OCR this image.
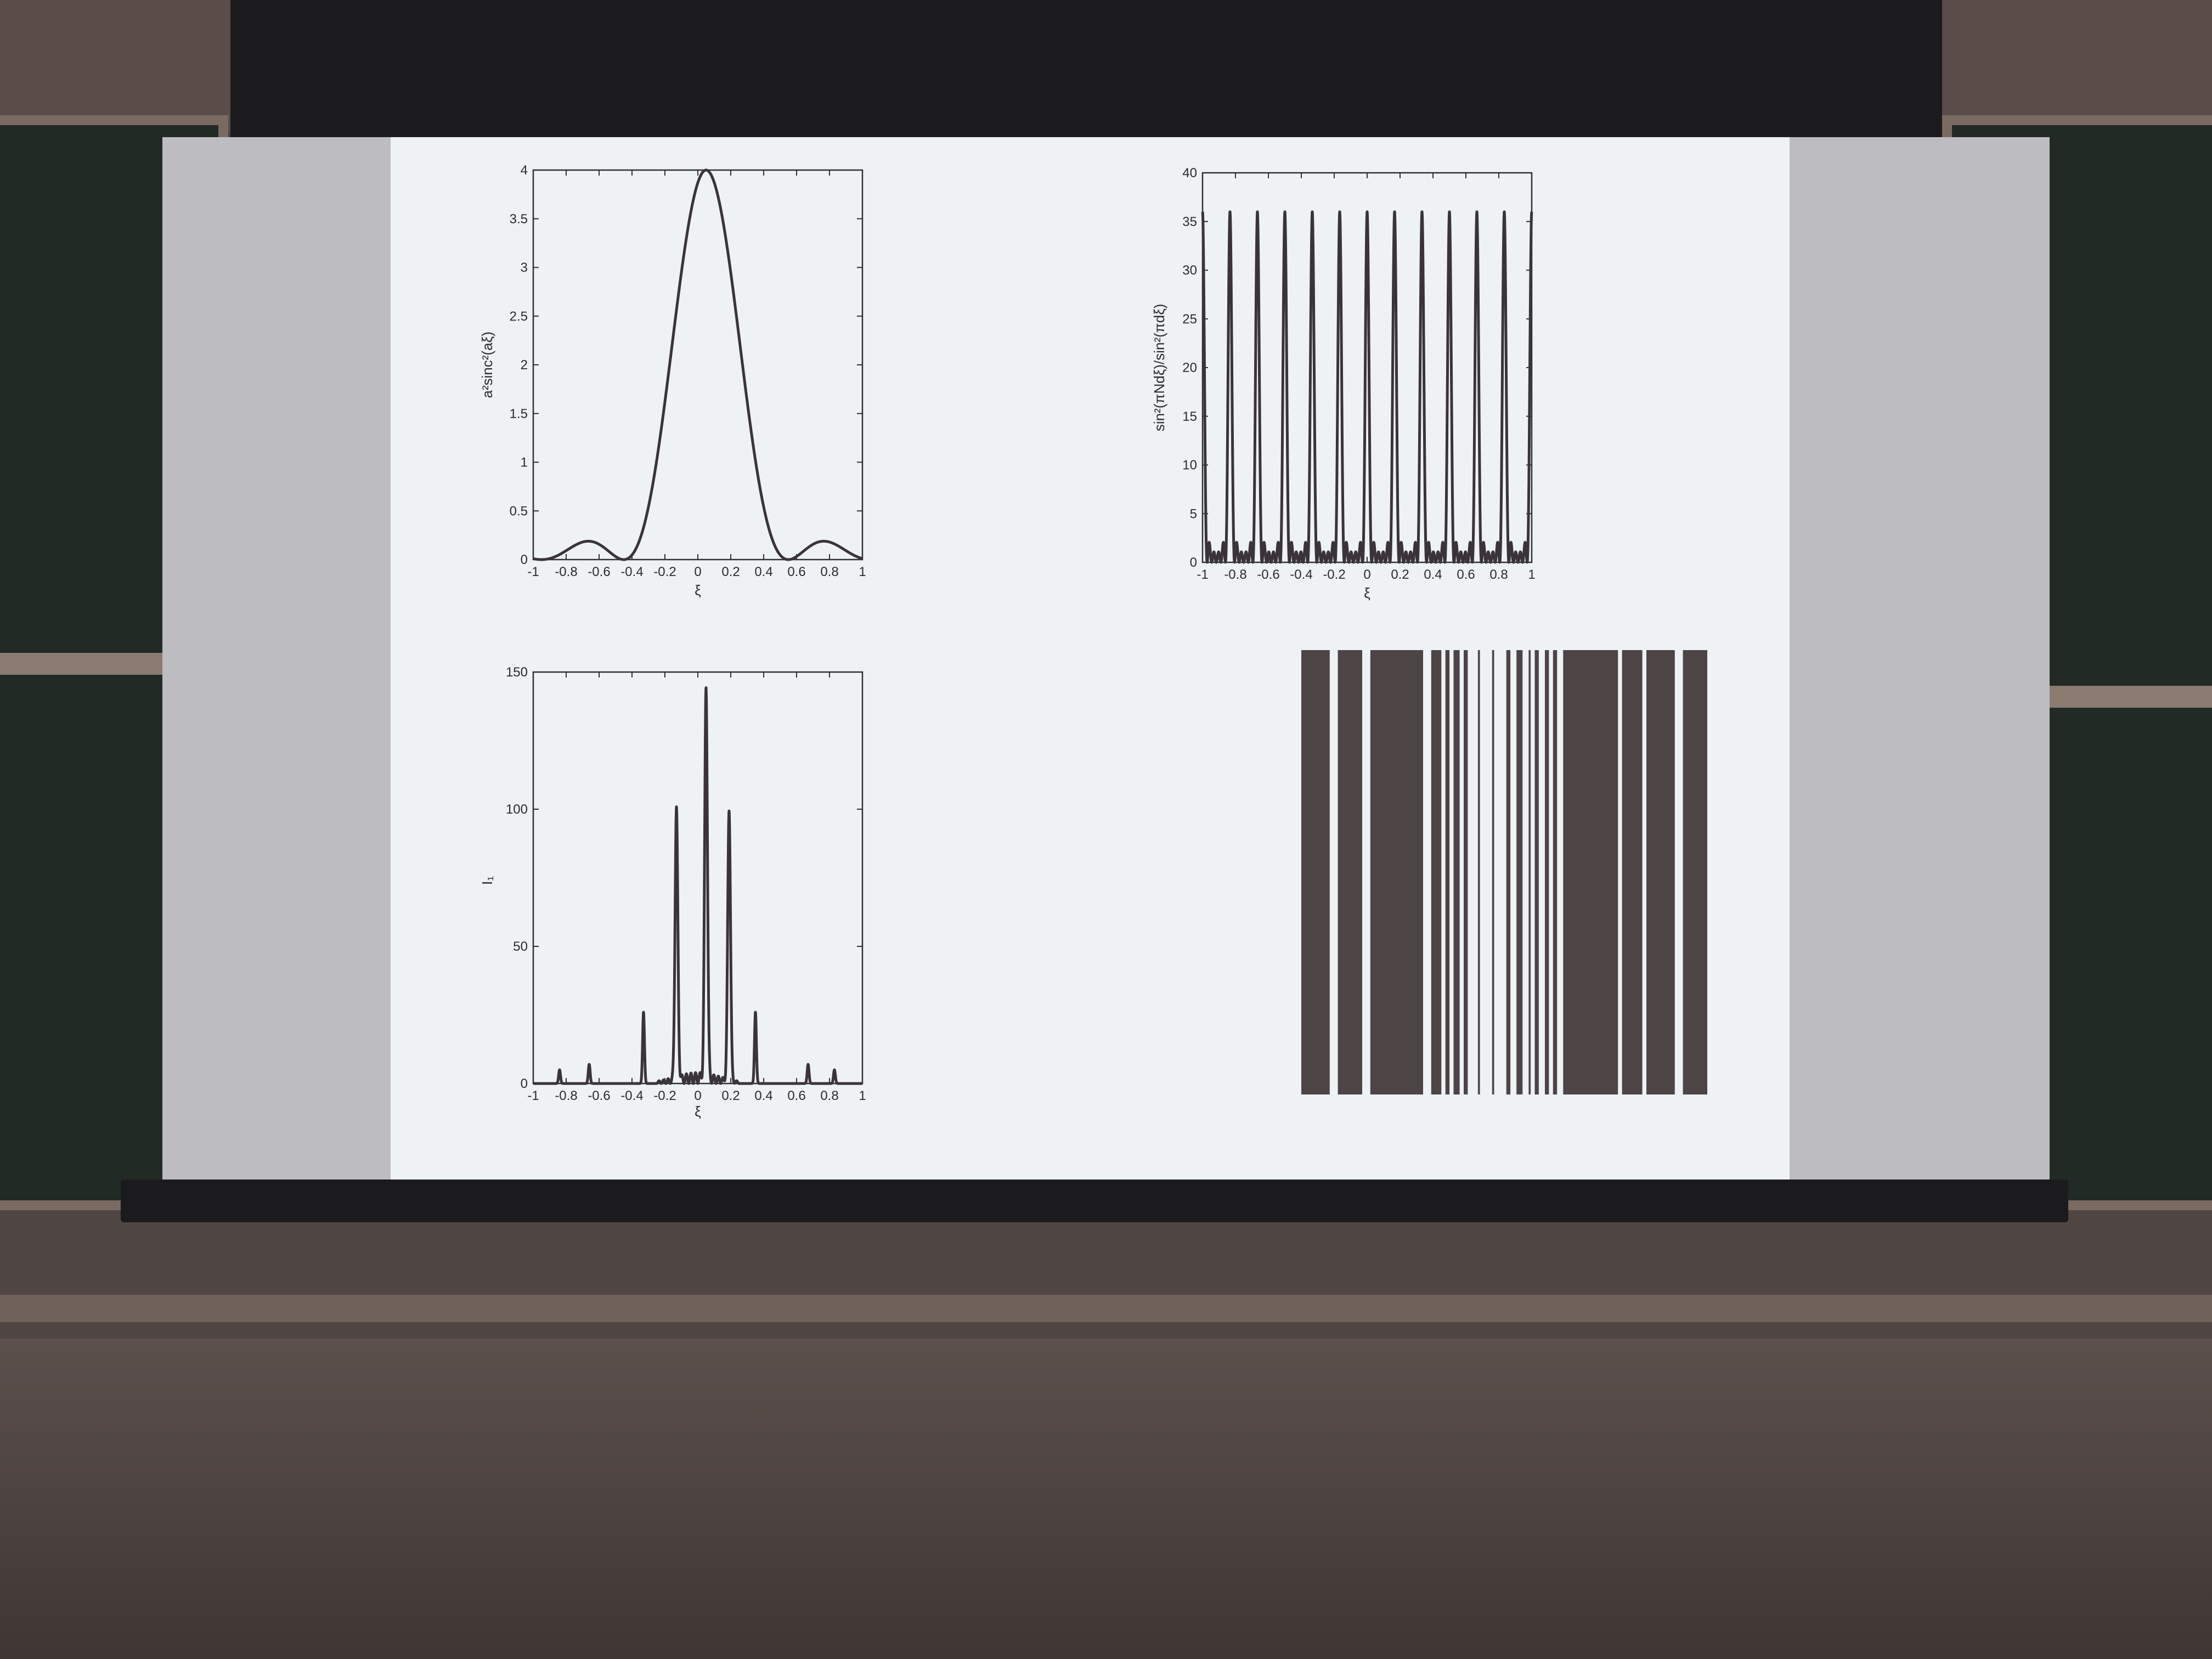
-1 -0.8 -0.6 -0.4 -0.2 0 0.2 0.4 0.6 0.8 1
0
0.5
1
1.5
2
2.5
3
3.5
4
a²sinc²(aξ)
ξ
-1 -0.8 -0.6 -0.4 -0.2 0 0.2 0.4 0.6 0.8 1
0
5
10
15
20
25
30
35
40
sin²(πNdξ)/sin²(πdξ)
ξ
-1 -0.8 -0.6 -0.4 -0.2 0 0.2 0.4 0.6 0.8 1
0
50
100
150
I₁
ξ
